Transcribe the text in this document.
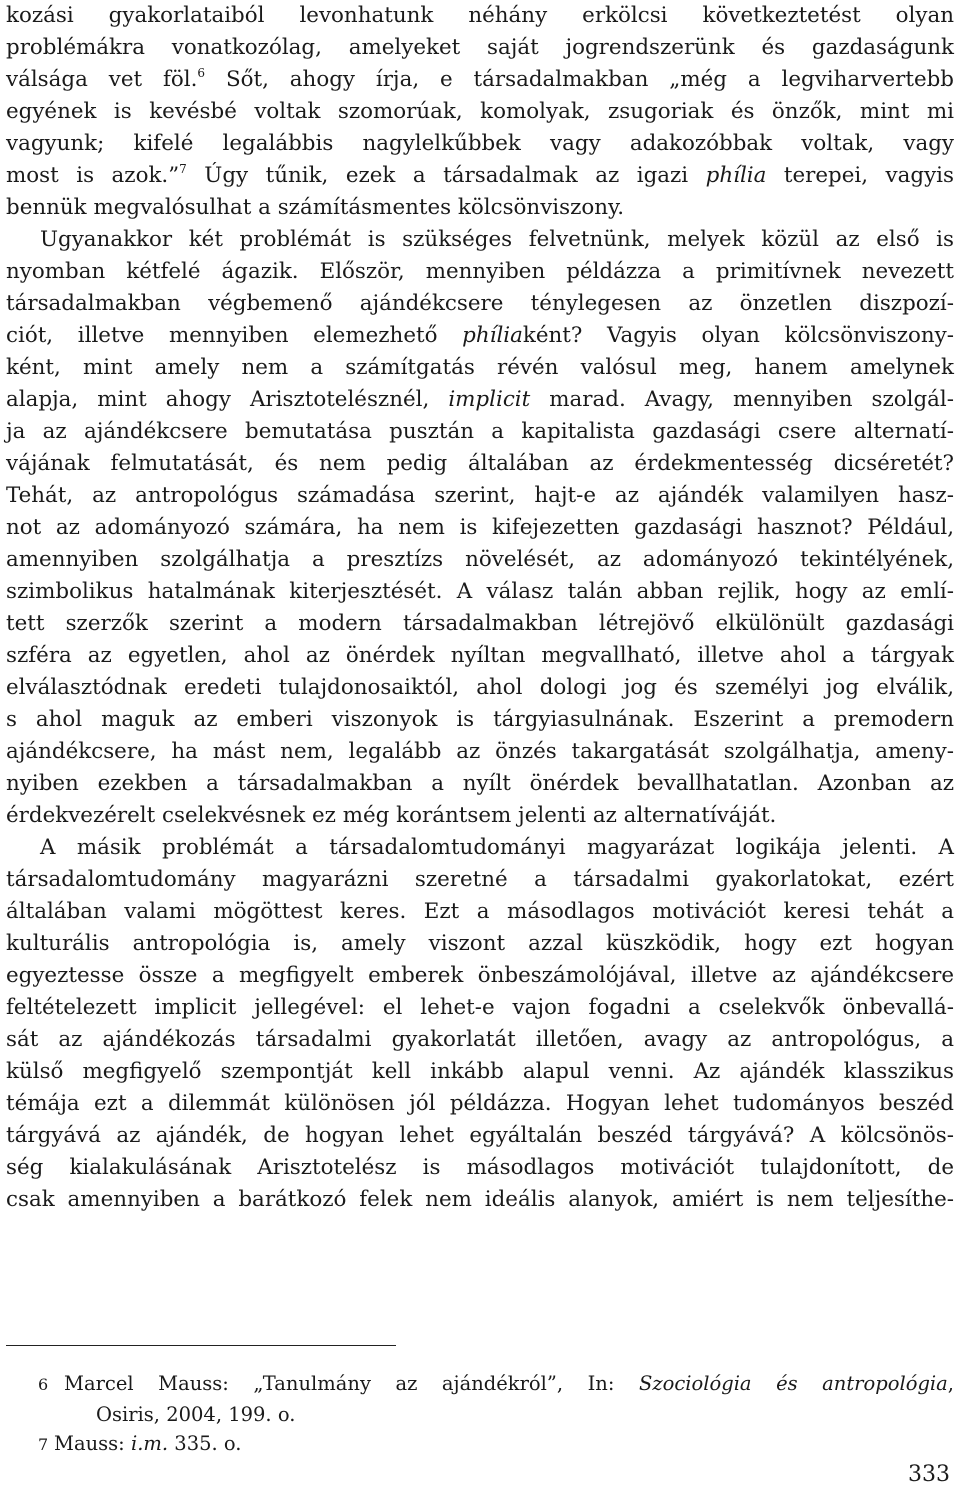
kozási gyakorlataiból levonhatunk néhány erkölcsi következtetést olyan
problémákra vonatkozólag, amelyeket saját jogrendszerünk és gazdaságunk
válsága vet föl.$^6$ Sőt, ahogy írja, e társadalmakban „még a legviharvertebb
egyének is kevésbé voltak szomorúak, komolyak, zsugoriak és önzők, mint mi
vagyunk; kifelé legalábbis nagylelkűbbek vagy adakozóbbak voltak, vagy
most is azok.”$^7$ Úgy tűnik, ezek a társadalmak az igazi phília terepei, vagyis
bennük megvalósulhat a számításmentes kölcsönviszony.
Ugyanakkor két problémát is szükséges felvetnünk, melyek közül az első is
nyomban kétfelé ágazik. Először, mennyiben példázza a primitívnek nevezett
társadalmakban végbemenő ajándékcsere ténylegesen az önzetlen diszpozí-
ciót, illetve mennyiben elemezhető phíliaként? Vagyis olyan kölcsönviszony-
ként, mint amely nem a számítgatás révén valósul meg, hanem amelynek
alapja, mint ahogy Arisztotelésznél, implicit marad. Avagy, mennyiben szolgál-
ja az ajándékcsere bemutatása pusztán a kapitalista gazdasági csere alternatí-
vájának felmutatását, és nem pedig általában az érdekmentesség dicséretét?
Tehát, az antropológus számadása szerint, hajt-e az ajándék valamilyen hasz-
not az adományozó számára, ha nem is kifejezetten gazdasági hasznot? Például,
amennyiben szolgálhatja a presztízs növelését, az adományozó tekintélyének,
szimbolikus hatalmának kiterjesztését. A válasz talán abban rejlik, hogy az emlí-
tett szerzők szerint a modern társadalmakban létrejövő elkülönült gazdasági
szféra az egyetlen, ahol az önérdek nyíltan megvallható, illetve ahol a tárgyak
elválasztódnak eredeti tulajdonosaiktól, ahol dologi jog és személyi jog elválik,
s ahol maguk az emberi viszonyok is tárgyiasulnának. Eszerint a premodern
ajándékcsere, ha mást nem, legalább az önzés takargatását szolgálhatja, ameny-
nyiben ezekben a társadalmakban a nyílt önérdek bevallhatatlan. Azonban az
érdekvezérelt cselekvésnek ez még korántsem jelenti az alternatíváját.
A másik problémát a társadalomtudományi magyarázat logikája jelenti. A
társadalomtudomány magyarázni szeretné a társadalmi gyakorlatokat, ezért
általában valami mögöttest keres. Ezt a másodlagos motivációt keresi tehát a
kulturális antropológia is, amely viszont azzal küszködik, hogy ezt hogyan
egyeztesse össze a megfigyelt emberek önbeszámolójával, illetve az ajándékcsere
feltételezett implicit jellegével: el lehet-e vajon fogadni a cselekvők önbevallá-
sát az ajándékozás társadalmi gyakorlatát illetően, avagy az antropológus, a
külső megfigyelő szempontját kell inkább alapul venni. Az ajándék klasszikus
témája ezt a dilemmát különösen jól példázza. Hogyan lehet tudományos beszéd
tárgyává az ajándék, de hogyan lehet egyáltalán beszéd tárgyává? A kölcsönös-
ség kialakulásának Arisztotelész is másodlagos motivációt tulajdonított, de
csak amennyiben a barátkozó felek nem ideális alanyok, amiért is nem teljesíthe-
6 Marcel Mauss: „Tanulmány az ajándékról”, In: Szociológia és antropológia,
Osiris, 2004, 199. o.
7 Mauss: i.m. 335. o.
333
